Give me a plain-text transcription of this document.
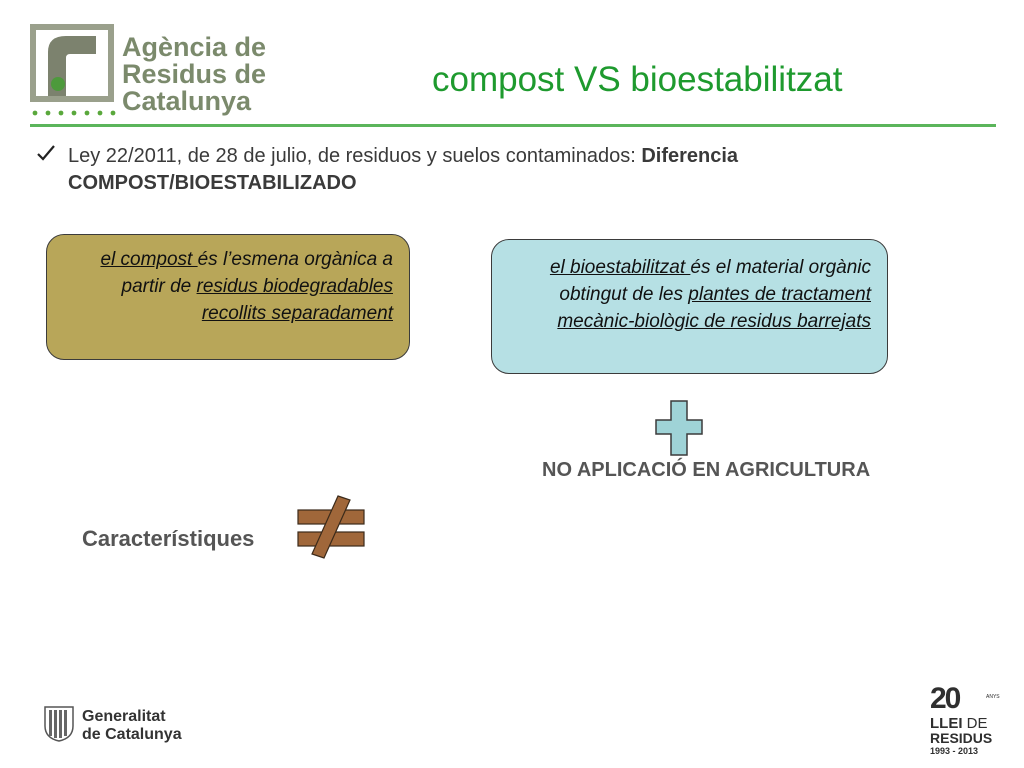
Agència de
Residus de
Catalunya
compost VS bioestabilitzat
Ley 22/2011, de 28 de julio, de residuos y suelos contaminados: Diferencia COMPOST/BIOESTABILIZADO
el compost és l’esmena orgànica a partir de residus biodegradables recollits separadament
el bioestabilitzat és el material orgànic obtingut de les plantes de tractament mecànic-biològic de residus barrejats
NO APLICACIÓ EN AGRICULTURA
Característiques
Generalitat
de Catalunya
20	ANYS
LLEI DE
RESIDUS
1993 - 2013
